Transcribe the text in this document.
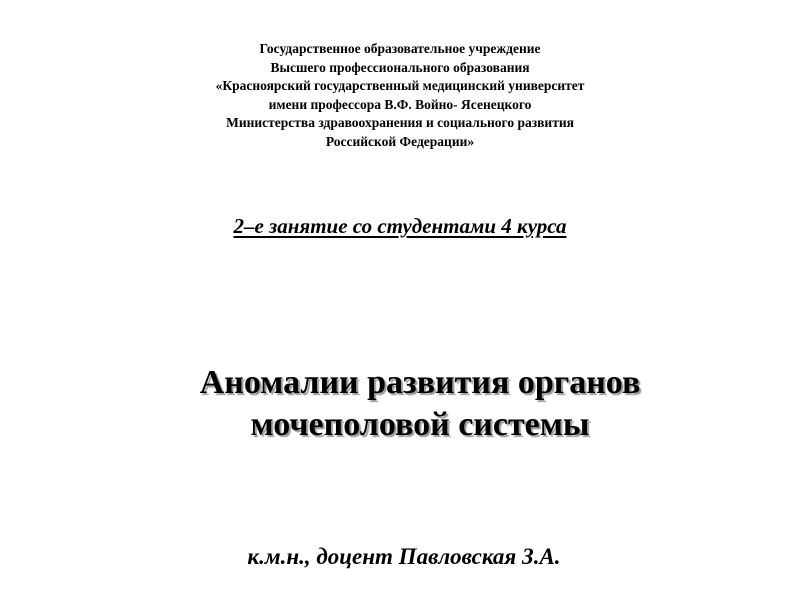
Государственное образовательное учреждение
Высшего профессионального образования
«Красноярский государственный медицинский университет
имени профессора В.Ф. Войно- Ясенецкого
Министерства здравоохранения и социального развития
Российской Федерации»
2–е занятие со студентами 4 курса
Аномалии развития органов
мочеполовой системы
к.м.н., доцент Павловская З.А.
